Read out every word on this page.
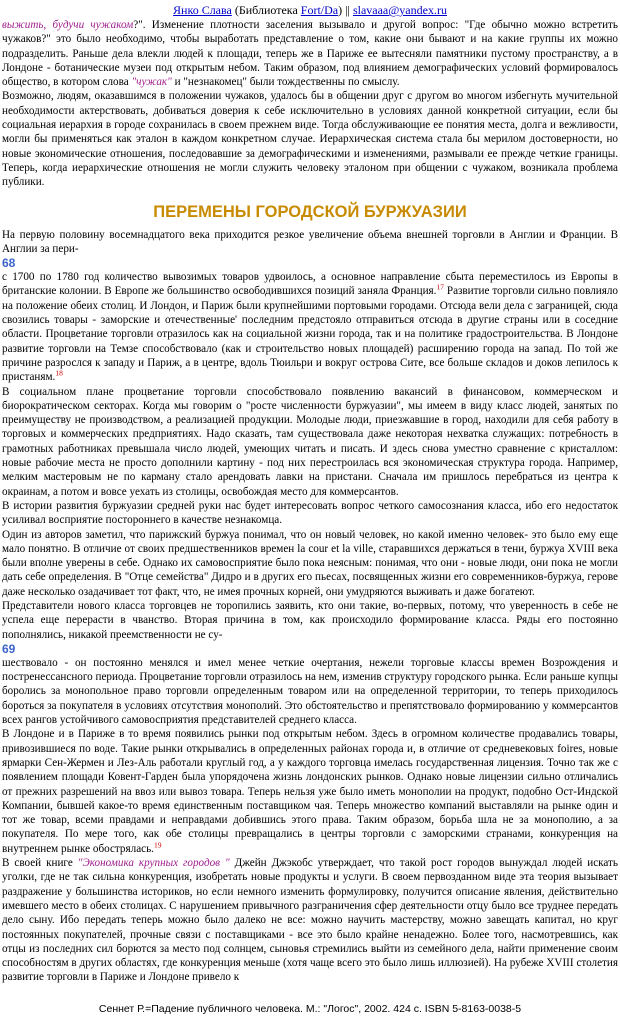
Янко Слава (Библиотека Fort/Da) || slavaaa@yandex.ru

выжить, будучи чужаком?". Изменение плотности заселения вызывало и другой вопрос: "Где обычно можно встретить чужаков?" это было необходимо, чтобы выработать представление о том, какие они бывают и на какие группы их можно подразделить. Раньше дела влекли людей к площади, теперь же в Париже ее вытесняли памятники пустому пространству, а в Лондоне - ботанические музеи под открытым небом. Таким образом, под влиянием демографических условий формировалось общество, в котором слова "чужак" и "незнакомец" были тождественны по смыслу.

Возможно, людям, оказавшимся в положении чужаков, удалось бы в общении друг с другом во многом избегнуть мучительной необходимости актерствовать, добиваться доверия к себе исключительно в условиях данной конкретной ситуации, если бы социальная иерархия в городе сохранилась в своем прежнем виде. Тогда обслуживающие ее понятия места, долга и вежливости, могли бы применяться как эталон в каждом конкретном случае. Иерархическая система стала бы мерилом достоверности, но новые экономические отношения, последовавшие за демографическими и изменениями, размывали ее прежде четкие границы. Теперь, когда иерархические отношения не могли служить человеку эталоном при общении с чужаком, возникала проблема публики.

ПЕРЕМЕНЫ ГОРОДСКОЙ БУРЖУАЗИИ

На первую половину восемнадцатого века приходится резкое увеличение объема внешней торговли в Англии и Франции. В Англии за пери-

68

с 1700 по 1780 год количество вывозимых товаров удвоилось, а основное направление сбыта переместилось из Европы в британские колонии. В Европе же большинство освободившихся позиций заняла Франция.$^{17}$ Развитие торговли сильно повлияло на положение обеих столиц. И Лондон, и Париж были крупнейшими портовыми городами. Отсюда вели дела с заграницей, сюда свозились товары - заморские и отечественные' последним предстояло отправиться отсюда в другие страны или в соседние области. Процветание торговли отразилось как на социальной жизни города, так и на политике градостроительства. В Лондоне развитие торговли на Темзе способствовало (как и строительство новых площадей) расширению города на запад. По той же причине разрослся к западу и Париж, а в центре, вдоль Тюильри и вокруг острова Сите, все больше складов и доков лепилось к пристаням.$^{18}$

В социальном плане процветание торговли способствовало появлению вакансий в финансовом, коммерческом и биорократическом секторах. Когда мы говорим о "росте численности буржуазии", мы имеем в виду класс людей, занятых по преимуществу не производством, а реализацией продукции. Молодые люди, приезжавшие в город, находили для себя работу в торговых и коммерческих предприятиях. Надо сказать, там существовала даже некоторая нехватка служащих: потребность в грамотных работниках превышала число людей, умеющих читать и писать. И здесь снова уместно сравнение с кристаллом: новые рабочие места не просто дополнили картину - под них перестроилась вся экономическая структура города. Например, мелким мастеровым не по карману стало арендовать лавки на пристани. Сначала им пришлось перебраться из центра к окраинам, а потом и вовсе уехать из столицы, освобождая место для коммерсантов.

В истории развития буржуазии средней руки нас будет интересовать вопрос четкого самосознания класса, ибо его недостаток усиливал восприятие постороннего в качестве незнакомца.

Один из авторов заметил, что парижский буржуа понимал, что он новый человек, но какой именно человек- это было ему еще мало понятно. В отличие от своих предшественников времен la cour et la ville, старавшихся держаться в тени, буржуа XVIII века были вполне уверены в себе. Однако их самовосприятие было пока неясным: понимая, что они - новые люди, они пока не могли дать себе определения. В "Отце семейства" Дидро и в других его пьесах, посвященных жизни его современников-буржуа, герове даже несколько озадачивает тот факт, что, не имея прочных корней, они умудряются выживать и даже богатеют.

Представители нового класса торговцев не торопились заявить, кто они такие, во-первых, потому, что уверенность в себе не успела еще перерасти в чванство. Вторая причина в том, как происходило формирование класса. Ряды его постоянно пополнялись, никакой преемственности не су-

69

шествовало - он постоянно менялся и имел менее четкие очертания, нежели торговые классы времен Возрождения и постренессансного периода. Процветание торговли отразилось на нем, изменив структуру городского рынка. Если раньше купцы боролись за монопольное право торговли определенным товаром или на определенной территории, то теперь приходилось бороться за покупателя в условиях отсутствия монополий. Это обстоятельство и препятствовало формированию у коммерсантов всех рангов устойчивого самовосприятия представителей среднего класса.

В Лондоне и в Париже в то время появились рынки под открытым небом. Здесь в огромном количестве продавались товары, привозившиеся по воде. Такие рынки открывались в определенных районах города и, в отличие от средневековых foires, новые ярмарки Сен-Жермен и Лез-Аль работали круглый год, а у каждого торговца имелась государственная лицензия. Точно так же с появлением площади Ковент-Гарден была упорядочена жизнь лондонских рынков. Однако новые лицензии сильно отличались от прежних разрешений на ввоз или вывоз товара. Теперь нельзя уже было иметь монополии на продукт, подобно Ост-Индской Компании, бывшей какое-то время единственным поставщиком чая. Теперь множество компаний выставляли на рынке один и тот же товар, всеми правдами и неправдами добившись этого права. Таким образом, борьба шла не за монополию, а за покупателя. По мере того, как обе столицы превращались в центры торговли с заморскими странами, конкуренция на внутреннем рынке обострялась.$^{19}$

В своей книге "Экономика крупных городов " Джейн Джэкобс утверждает, что такой рост городов вынуждал людей искать уголки, где не так сильна конкуренция, изобретать новые продукты и услуги. В своем первозданном виде эта теория вызывает раздражение у большинства историков, но если немного изменить формулировку, получится описание явления, действительно имевшего место в обеих столицах. С нарушением привычного разграничения сфер деятельности отцу было все труднее передать дело сыну. Ибо передать теперь можно было далеко не все: можно научить мастерству, можно завещать капитал, но круг постоянных покупателей, прочные связи с поставщиками - все это было крайне ненадежно. Более того, насмотревшись, как отцы из последних сил борются за место под солнцем, сыновья стремились выйти из семейного дела, найти применение своим способностям в других областях, где конкуренция меньше (хотя чаще всего это было лишь иллюзией). На рубеже XVIII столетия развитие торговли в Париже и Лондоне привело к

Сеннет Р.=Падение публичного человека. М.: "Логос", 2002. 424 с. ISBN 5-8163-0038-5
